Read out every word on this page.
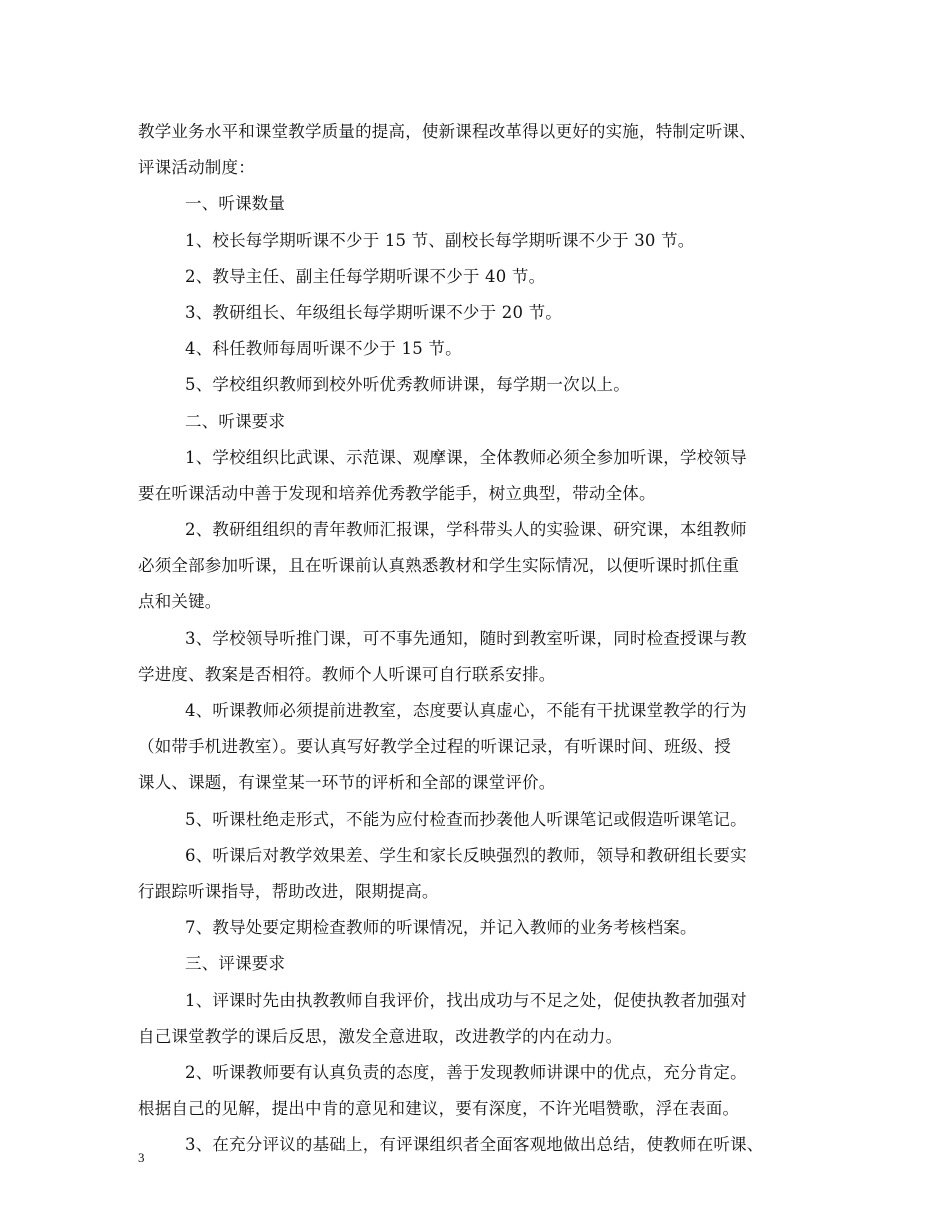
教学业务水平和课堂教学质量的提高，使新课程改革得以更好的实施，特制定听课、
评课活动制度：
一、听课数量
1、校长每学期听课不少于 15 节、副校长每学期听课不少于 30 节。
2、教导主任、副主任每学期听课不少于 40 节。
3、教研组长、年级组长每学期听课不少于 20 节。
4、科任教师每周听课不少于 15 节。
5、学校组织教师到校外听优秀教师讲课，每学期一次以上。
二、听课要求
1、学校组织比武课、示范课、观摩课，全体教师必须全参加听课，学校领导
要在听课活动中善于发现和培养优秀教学能手，树立典型，带动全体。
2、教研组组织的青年教师汇报课，学科带头人的实验课、研究课，本组教师
必须全部参加听课，且在听课前认真熟悉教材和学生实际情况，以便听课时抓住重
点和关键。
3、学校领导听推门课，可不事先通知，随时到教室听课，同时检查授课与教
学进度、教案是否相符。教师个人听课可自行联系安排。
4、听课教师必须提前进教室，态度要认真虚心，不能有干扰课堂教学的行为
（如带手机进教室）。要认真写好教学全过程的听课记录，有听课时间、班级、授
课人、课题，有课堂某一环节的评析和全部的课堂评价。
5、听课杜绝走形式，不能为应付检查而抄袭他人听课笔记或假造听课笔记。
6、听课后对教学效果差、学生和家长反映强烈的教师，领导和教研组长要实
行跟踪听课指导，帮助改进，限期提高。
7、教导处要定期检查教师的听课情况，并记入教师的业务考核档案。
三、评课要求
1、评课时先由执教教师自我评价，找出成功与不足之处，促使执教者加强对
自己课堂教学的课后反思，激发全意进取，改进教学的内在动力。
2、听课教师要有认真负责的态度，善于发现教师讲课中的优点，充分肯定。
根据自己的见解，提出中肯的意见和建议，要有深度，不许光唱赞歌，浮在表面。
3、在充分评议的基础上，有评课组织者全面客观地做出总结，使教师在听课、
3
